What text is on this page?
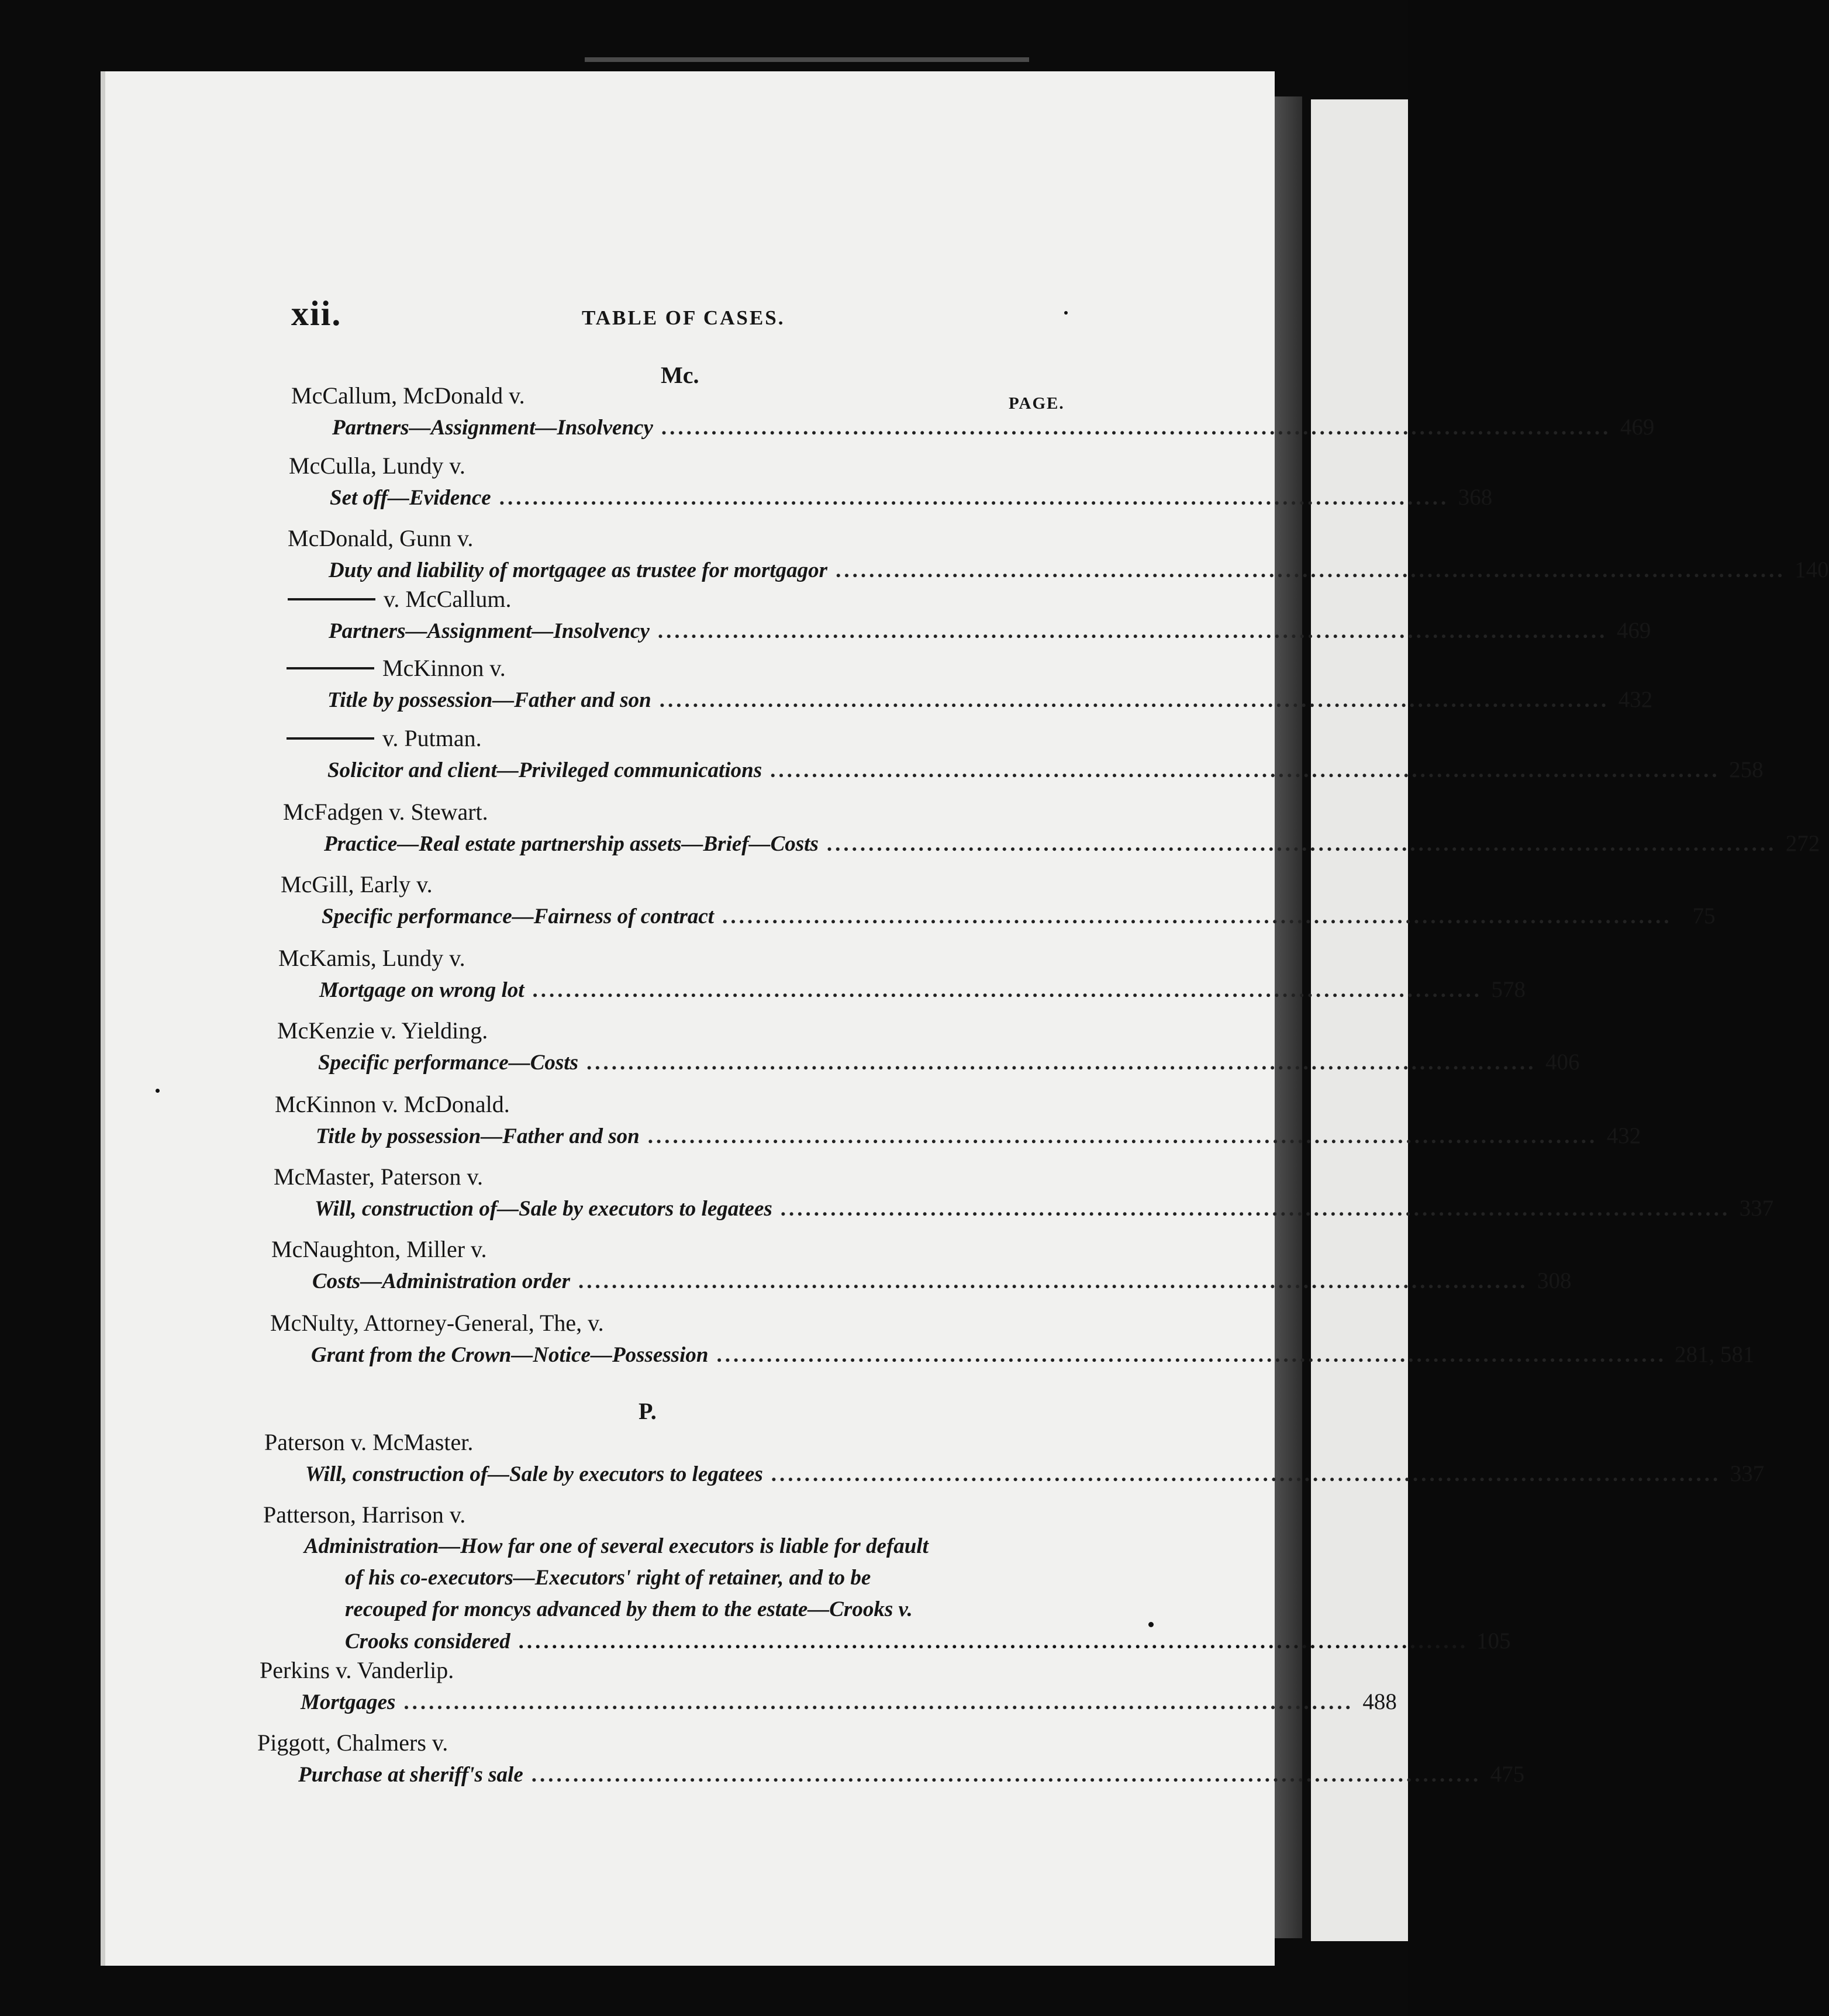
xii.	TABLE OF CASES.
Mc.
PAGE.
McCallum, McDonald v.
Partners—Assignment—Insolvency .................................................................................................................. 469
McCulla, Lundy v.
Set off—Evidence .................................................................................................................. 368
McDonald, Gunn v.
Duty and liability of mortgagee as trustee for mortgagor .................................................................................................................. 140
v. McCallum.
Partners—Assignment—Insolvency .................................................................................................................. 469
McKinnon v.
Title by possession—Father and son .................................................................................................................. 432
v. Putman.
Solicitor and client—Privileged communications .................................................................................................................. 258
McFadgen v. Stewart.
Practice—Real estate partnership assets—Brief—Costs .................................................................................................................. 272
McGill, Early v.
Specific performance—Fairness of contract .................................................................................................................. 75
McKamis, Lundy v.
Mortgage on wrong lot .................................................................................................................. 578
McKenzie v. Yielding.
Specific performance—Costs .................................................................................................................. 406
McKinnon v. McDonald.
Title by possession—Father and son .................................................................................................................. 432
McMaster, Paterson v.
Will, construction of—Sale by executors to legatees .................................................................................................................. 337
McNaughton, Miller v.
Costs—Administration order .................................................................................................................. 308
McNulty, Attorney-General, The, v.
Grant from the Crown—Notice—Possession .................................................................................................................. 281, 581
P.
Paterson v. McMaster.
Will, construction of—Sale by executors to legatees .................................................................................................................. 337
Patterson, Harrison v.
Administration—How far one of several executors is liable for default
of his co-executors—Executors' right of retainer, and to be
recouped for moncys advanced by them to the estate—Crooks v.
Crooks considered .................................................................................................................. 105
Perkins v. Vanderlip.
Mortgages .................................................................................................................. 488
Piggott, Chalmers v.
Purchase at sheriff's sale .................................................................................................................. 475
